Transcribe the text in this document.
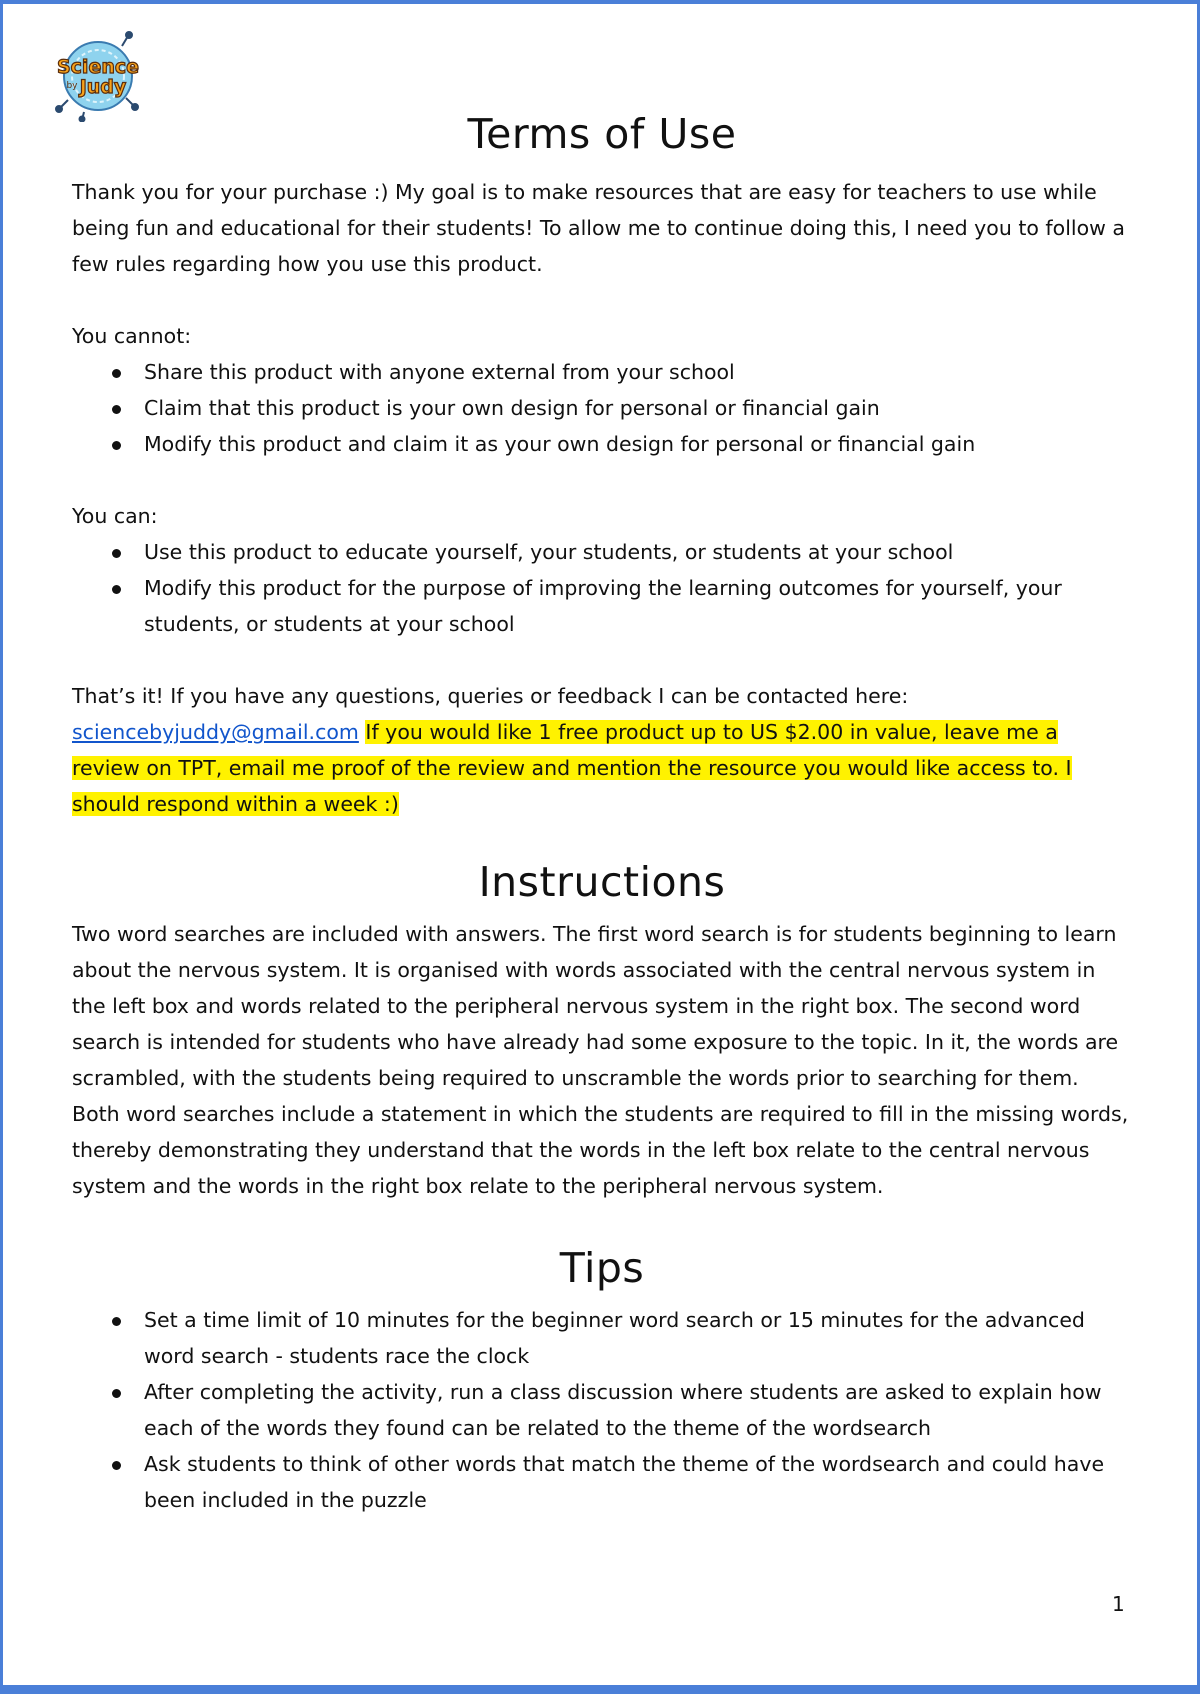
Science
by Judy
Terms of Use

Thank you for your purchase :) My goal is to make resources that are easy for teachers to use while being fun and educational for their students! To allow me to continue doing this, I need you to follow a few rules regarding how you use this product.

You cannot:

Share this product with anyone external from your school
Claim that this product is your own design for personal or financial gain
Modify this product and claim it as your own design for personal or financial gain

You can:

Use this product to educate yourself, your students, or students at your school
Modify this product for the purpose of improving the learning outcomes for yourself, your students, or students at your school

That’s it! If you have any questions, queries or feedback I can be contacted here: sciencebyjuddy@gmail.com If you would like 1 free product up to US $2.00 in value, leave me a review on TPT, email me proof of the review and mention the resource you would like access to. I should respond within a week :)

Instructions

Two word searches are included with answers. The first word search is for students beginning to learn about the nervous system. It is organised with words associated with the central nervous system in the left box and words related to the peripheral nervous system in the right box. The second word search is intended for students who have already had some exposure to the topic. In it, the words are scrambled, with the students being required to unscramble the words prior to searching for them. Both word searches include a statement in which the students are required to fill in the missing words, thereby demonstrating they understand that the words in the left box relate to the central nervous system and the words in the right box relate to the peripheral nervous system.

Tips
Set a time limit of 10 minutes for the beginner word search or 15 minutes for the advanced word search - students race the clock
After completing the activity, run a class discussion where students are asked to explain how each of the words they found can be related to the theme of the wordsearch
Ask students to think of other words that match the theme of the wordsearch and could have been included in the puzzle
1
